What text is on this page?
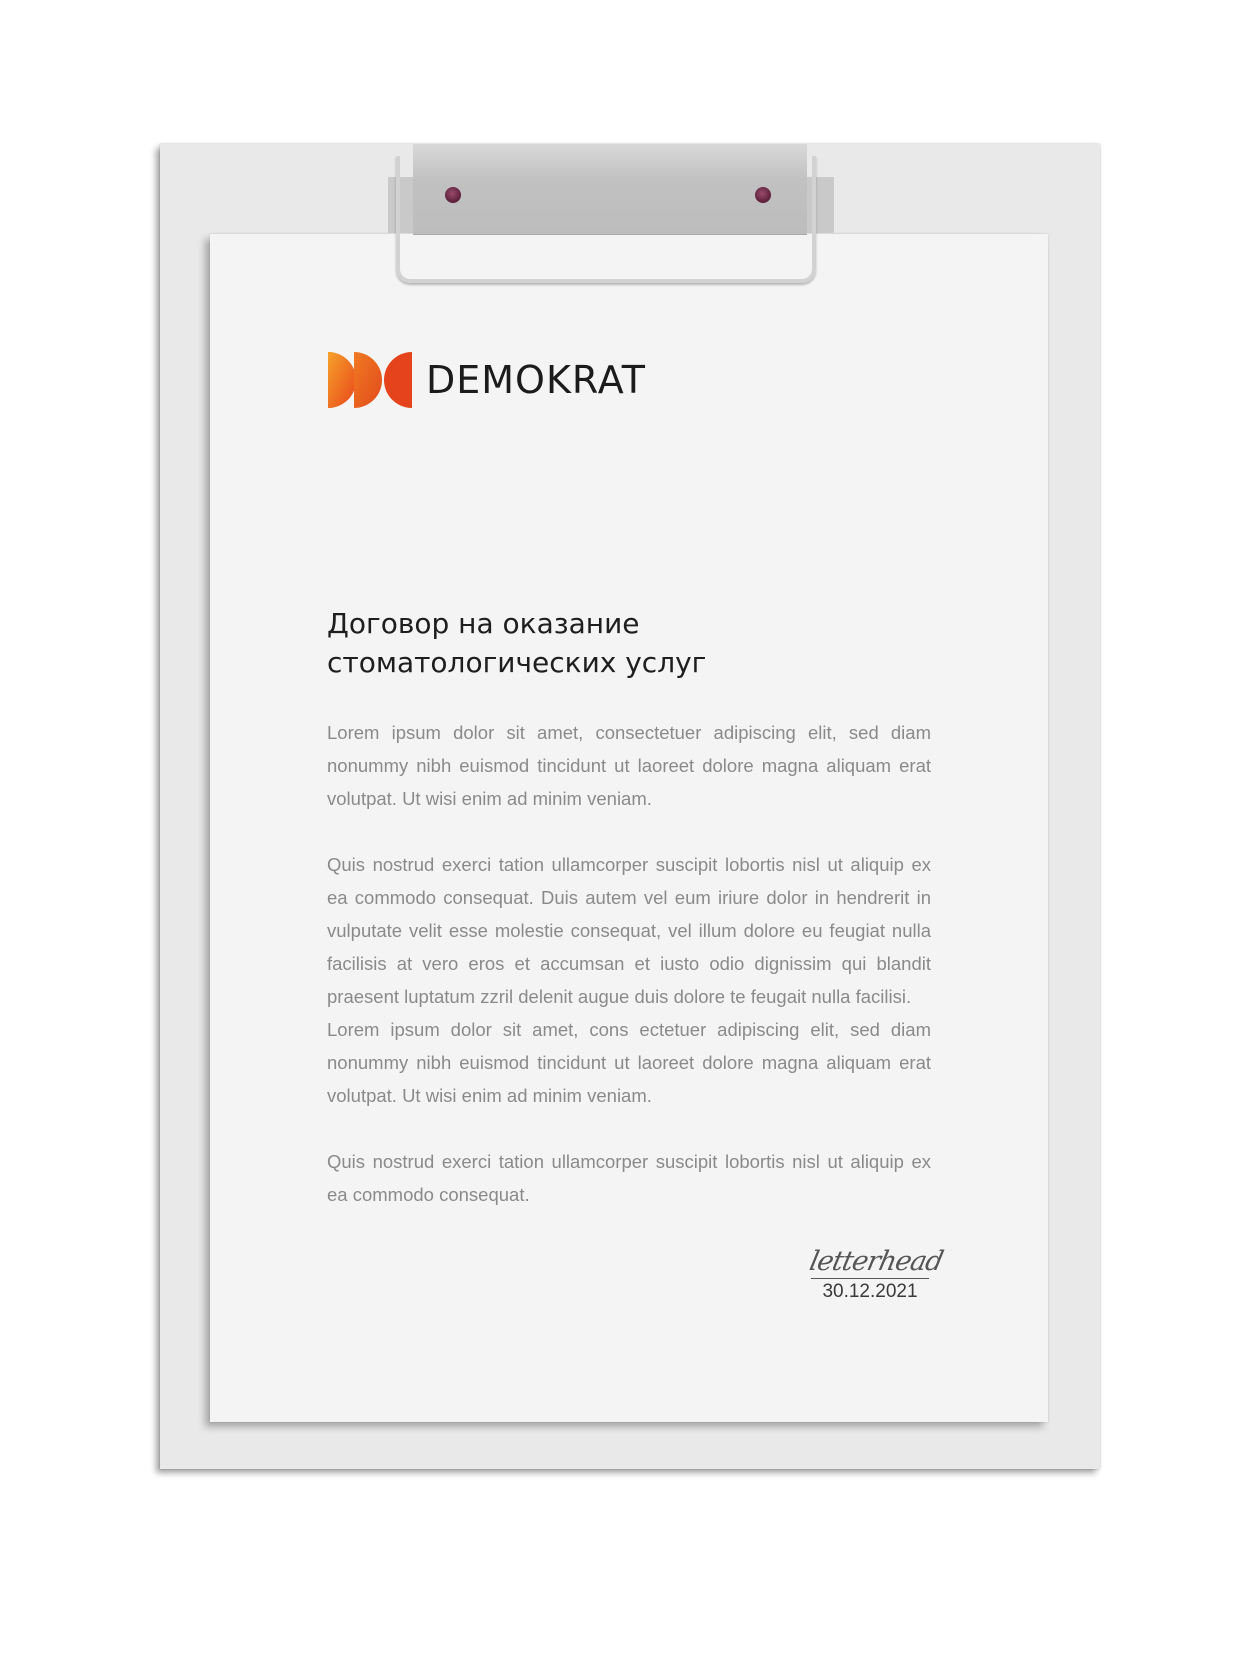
DEMOKRAT
Договор на оказание
стоматологических услуг

Lorem ipsum dolor sit amet, consectetuer adipiscing elit, sed diam nonummy nibh euismod tincidunt ut laoreet dolore magna aliquam erat volutpat. Ut wisi enim ad minim veniam.

Quis nostrud exerci tation ullamcorper suscipit lobortis nisl ut aliquip ex ea commodo consequat. Duis autem vel eum iriure dolor in hendrerit in vulputate velit esse molestie consequat, vel illum dolore eu feugiat nulla facilisis at vero eros et accumsan et iusto odio dignissim qui blandit praesent luptatum zzril delenit augue duis dolore te feugait nulla facilisi.

Lorem ipsum dolor sit amet, cons ectetuer adipiscing elit, sed diam nonummy nibh euismod tincidunt ut laoreet dolore magna aliquam erat volutpat. Ut wisi enim ad minim veniam.

Quis nostrud exerci tation ullamcorper suscipit lobortis nisl ut aliquip ex ea commodo consequat.

letterhead
30.12.2021
